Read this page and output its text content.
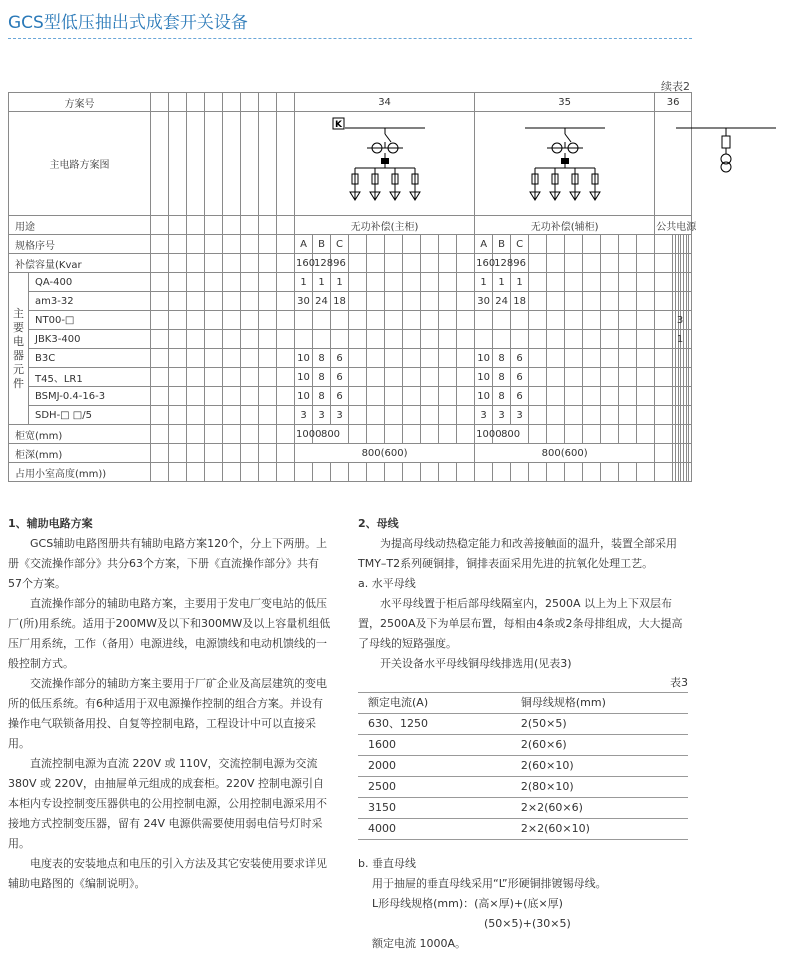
GCS型低压抽出式成套开关设备
续表2
方案号										34										35										36							
主电路方案图										K

用途										无功补偿(主柜)										无功补偿(辅柜)										公共电源							
规格序号										A	B	C								A	B	C															
补偿容量(Kvar										160	128	96								160	128	96															
主要电器元件	QA-400									1	1	1								1	1	1															
	am3-32									30	24	18								30	24	18															
	NT00-□																															3					
	JBK3-400																															1					
	B3C									10	8	6								10	8	6															
	T45、LR1									10	8	6								10	8	6															
	BSMJ-0.4-16-3									10	8	6								10	8	6															
	SDH-□ □/5									3	3	3								3	3	3															
柜宽(mm)										1000	800									1000	800																
柜深(mm)										800(600)										800(600)																	
占用小室高度(mm))																																					
1、辅助电路方案

GCS辅助电路图册共有辅助电路方案120个，分上下两册。上册《交流操作部分》共分63个方案，下册《直流操作部分》共有57个方案。

直流操作部分的辅助电路方案，主要用于发电厂变电站的低压厂(所)用系统。适用于200MW及以下和300MW及以上容量机组低压厂用系统，工作（备用）电源进线，电源馈线和电动机馈线的一般控制方式。

交流操作部分的辅助方案主要用于厂矿企业及高层建筑的变电所的低压系统。有6种适用于双电源操作控制的组合方案。并设有操作电气联锁备用投、自复等控制电路，工程设计中可以直接采用。

直流控制电源为直流 220V 或 110V，交流控制电源为交流 380V 或 220V，由抽屉单元组成的成套柜。220V 控制电源引自本柜内专设控制变压器供电的公用控制电源，公用控制电源采用不接地方式控制变压器，留有 24V 电源供需要使用弱电信号灯时采用。

电度表的安装地点和电压的引入方法及其它安装使用要求详见辅助电路图的《编制说明》。

2、母线

为提高母线动热稳定能力和改善接触面的温升，装置全部采用TMY–T2系列硬铜排，铜排表面采用先进的抗氧化处理工艺。

a. 水平母线

水平母线置于柜后部母线隔室内，2500A 以上为上下双层布置，2500A及下为单层布置，每相由4条或2条母排组成，大大提高了母线的短路强度。

开关设备水平母线铜母线排选用(见表3)

表3
额定电流(A)	铜母线规格(mm)
630、1250	2(50×5)
1600	2(60×6)
2000	2(60×10)
2500	2(80×10)
3150	2×2(60×6)
4000	2×2(60×10)

b. 垂直母线

用于抽屉的垂直母线采用“L”形硬铜排镀锡母线。

L形母线规格(mm)：(高×厚)+(底×厚)

(50×5)+(30×5)

额定电流 1000A。
